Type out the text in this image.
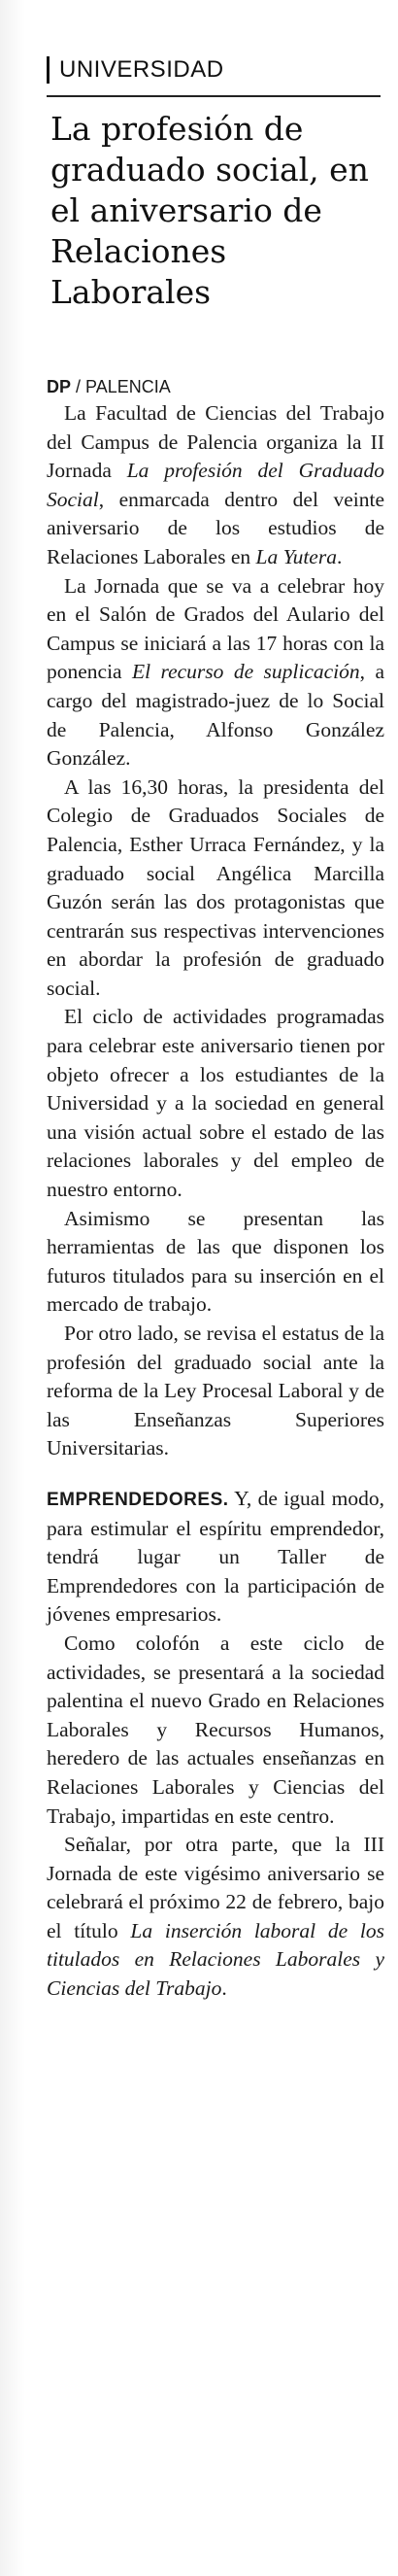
UNIVERSIDAD
La profesión de graduado social, en el aniversario de Relaciones Laborales

DP / PALENCIA

La Facultad de Ciencias del Trabajo del Campus de Palencia organiza la II Jornada La profesión del Graduado Social, enmarcada dentro del veinte aniversario de los estudios de Relaciones Laborales en La Yutera.

La Jornada que se va a celebrar hoy en el Salón de Grados del Aulario del Campus se iniciará a las 17 horas con la ponencia El recurso de suplicación, a cargo del magistrado-juez de lo Social de Palencia, Alfonso González González.

A las 16,30 horas, la presidenta del Colegio de Graduados Sociales de Palencia, Esther Urraca Fernández, y la graduado social Angélica Marcilla Guzón serán las dos protagonistas que centrarán sus respectivas intervenciones en abordar la profesión de graduado social.

El ciclo de actividades programadas para celebrar este aniversario tienen por objeto ofrecer a los estudiantes de la Universidad y a la sociedad en general una visión actual sobre el estado de las relaciones laborales y del empleo de nuestro entorno.

Asimismo se presentan las herramientas de las que disponen los futuros titulados para su inserción en el mercado de trabajo.

Por otro lado, se revisa el estatus de la profesión del graduado social ante la reforma de la Ley Procesal Laboral y de las Enseñanzas Superiores Universitarias.

EMPRENDEDORES. Y, de igual modo, para estimular el espíritu emprendedor, tendrá lugar un Taller de Emprendedores con la participación de jóvenes empresarios.

Como colofón a este ciclo de actividades, se presentará a la sociedad palentina el nuevo Grado en Relaciones Laborales y Recursos Humanos, heredero de las actuales enseñanzas en Relaciones Laborales y Ciencias del Trabajo, impartidas en este centro.

Señalar, por otra parte, que la III Jornada de este vigésimo aniversario se celebrará el próximo 22 de febrero, bajo el título La inserción laboral de los titulados en Relaciones Laborales y Ciencias del Trabajo.
